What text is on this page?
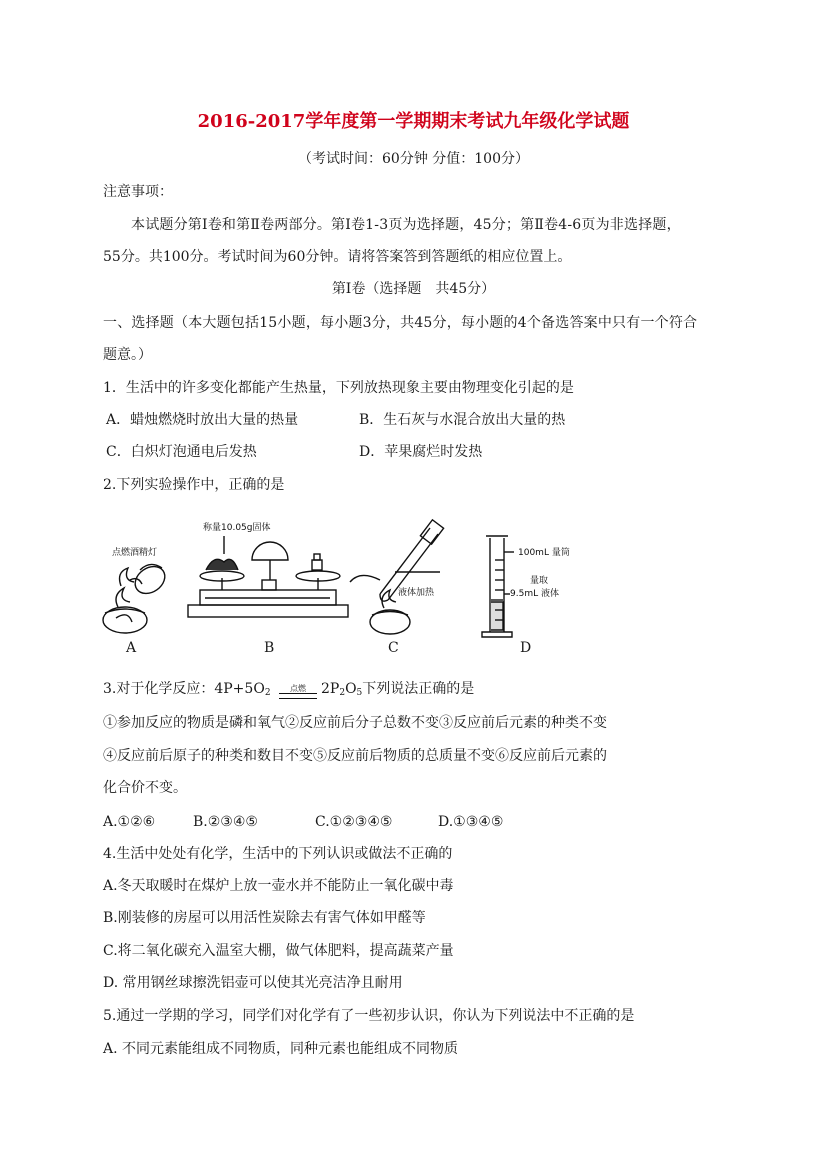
2016-2017学年度第一学期期末考试九年级化学试题
（考试时间：60分钟 分值：100分）
注意事项：
本试题分第Ⅰ卷和第Ⅱ卷两部分。第Ⅰ卷1-3页为选择题，45分；第Ⅱ卷4-6页为非选择题，
55分。共100分。考试时间为60分钟。请将答案答到答题纸的相应位置上。
第Ⅰ卷（选择题　共45分）
一、选择题（本大题包括15小题，每小题3分，共45分，每小题的4个备选答案中只有一个符合
题意。）
1．生活中的许多变化都能产生热量，下列放热现象主要由物理变化引起的是
A．蜡烛燃烧时放出大量的热量	B．生石灰与水混合放出大量的热
C．白炽灯泡通电后发热	D．苹果腐烂时发热
2.下列实验操作中，正确的是
点燃酒精灯
称量10.05g固体
液体加热
100mL 量筒
量取
9.5mL 液体
A	B	C	D
3.对于化学反应：$4P+5O_2$	点燃	$2P_2O_5$下列说法正确的是
①参加反应的物质是磷和氧气②反应前后分子总数不变③反应前后元素的种类不变
④反应前后原子的种类和数目不变⑤反应前后物质的总质量不变⑥反应前后元素的
化合价不变。
A.①②⑥	B.②③④⑤	C.①②③④⑤	D.①③④⑤
4.生活中处处有化学，生活中的下列认识或做法不正确的
A.冬天取暖时在煤炉上放一壶水并不能防止一氧化碳中毒
B.刚装修的房屋可以用活性炭除去有害气体如甲醛等
C.将二氧化碳充入温室大棚，做气体肥料，提高蔬菜产量
D. 常用钢丝球擦洗铝壶可以使其光亮洁净且耐用
5.通过一学期的学习，同学们对化学有了一些初步认识，你认为下列说法中不正确的是
A. 不同元素能组成不同物质，同种元素也能组成不同物质
